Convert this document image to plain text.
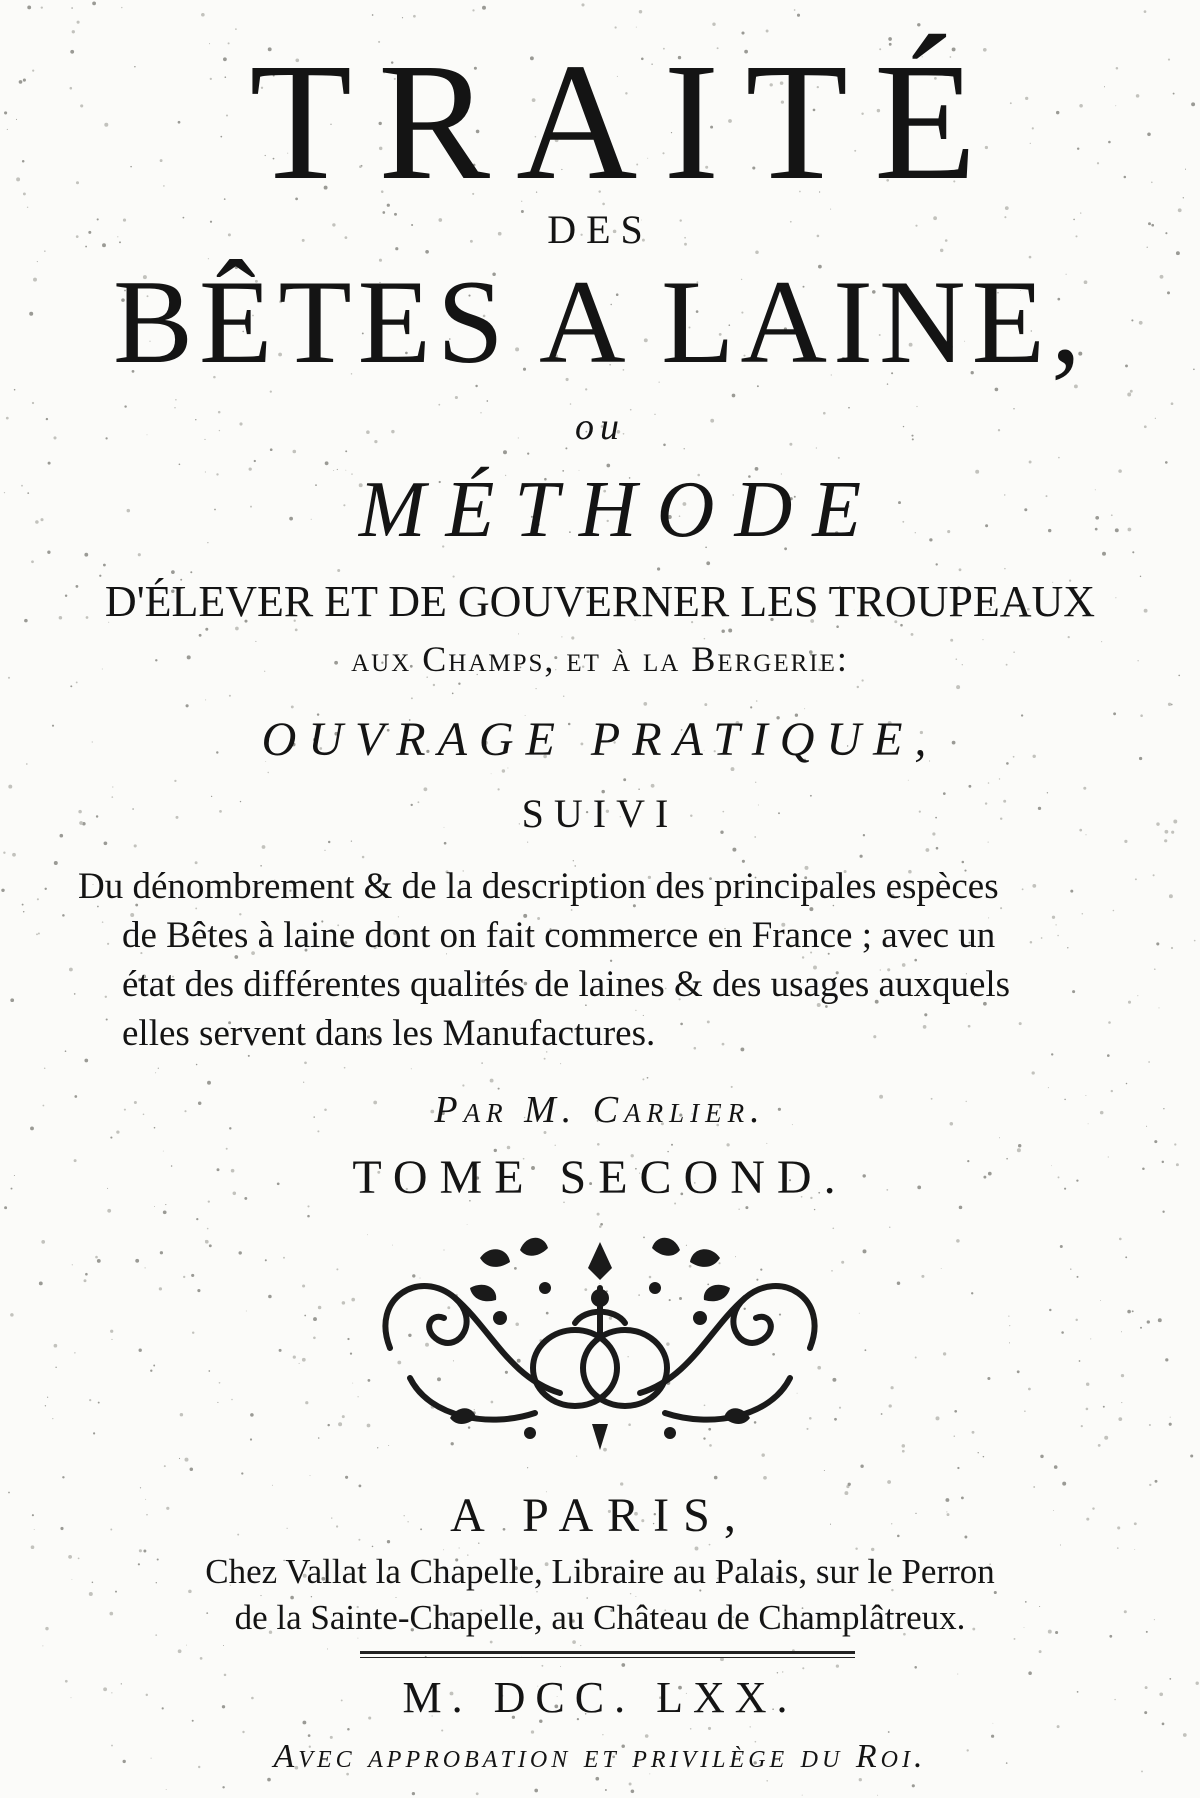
TRAITÉ
DES
BÊTES A LAINE,
ou
MÉTHODE
D'ÉLEVER ET DE GOUVERNER LES TROUPEAUX
aux Champs, et à la Bergerie:
OUVRAGE PRATIQUE,
SUIVI
Du dénombrement & de la description des principales espèces
de Bêtes à laine dont on fait commerce en France ; avec un
état des différentes qualités de laines & des usages auxquels
elles servent dans les Manufactures.
Par M. Carlier.
TOME SECOND.
A PARIS,
Chez Vallat la Chapelle, Libraire au Palais, sur le Perron
de la Sainte-Chapelle, au Château de Champlâtreux.
M. DCC. LXX.
Avec approbation et privilège du Roi.
